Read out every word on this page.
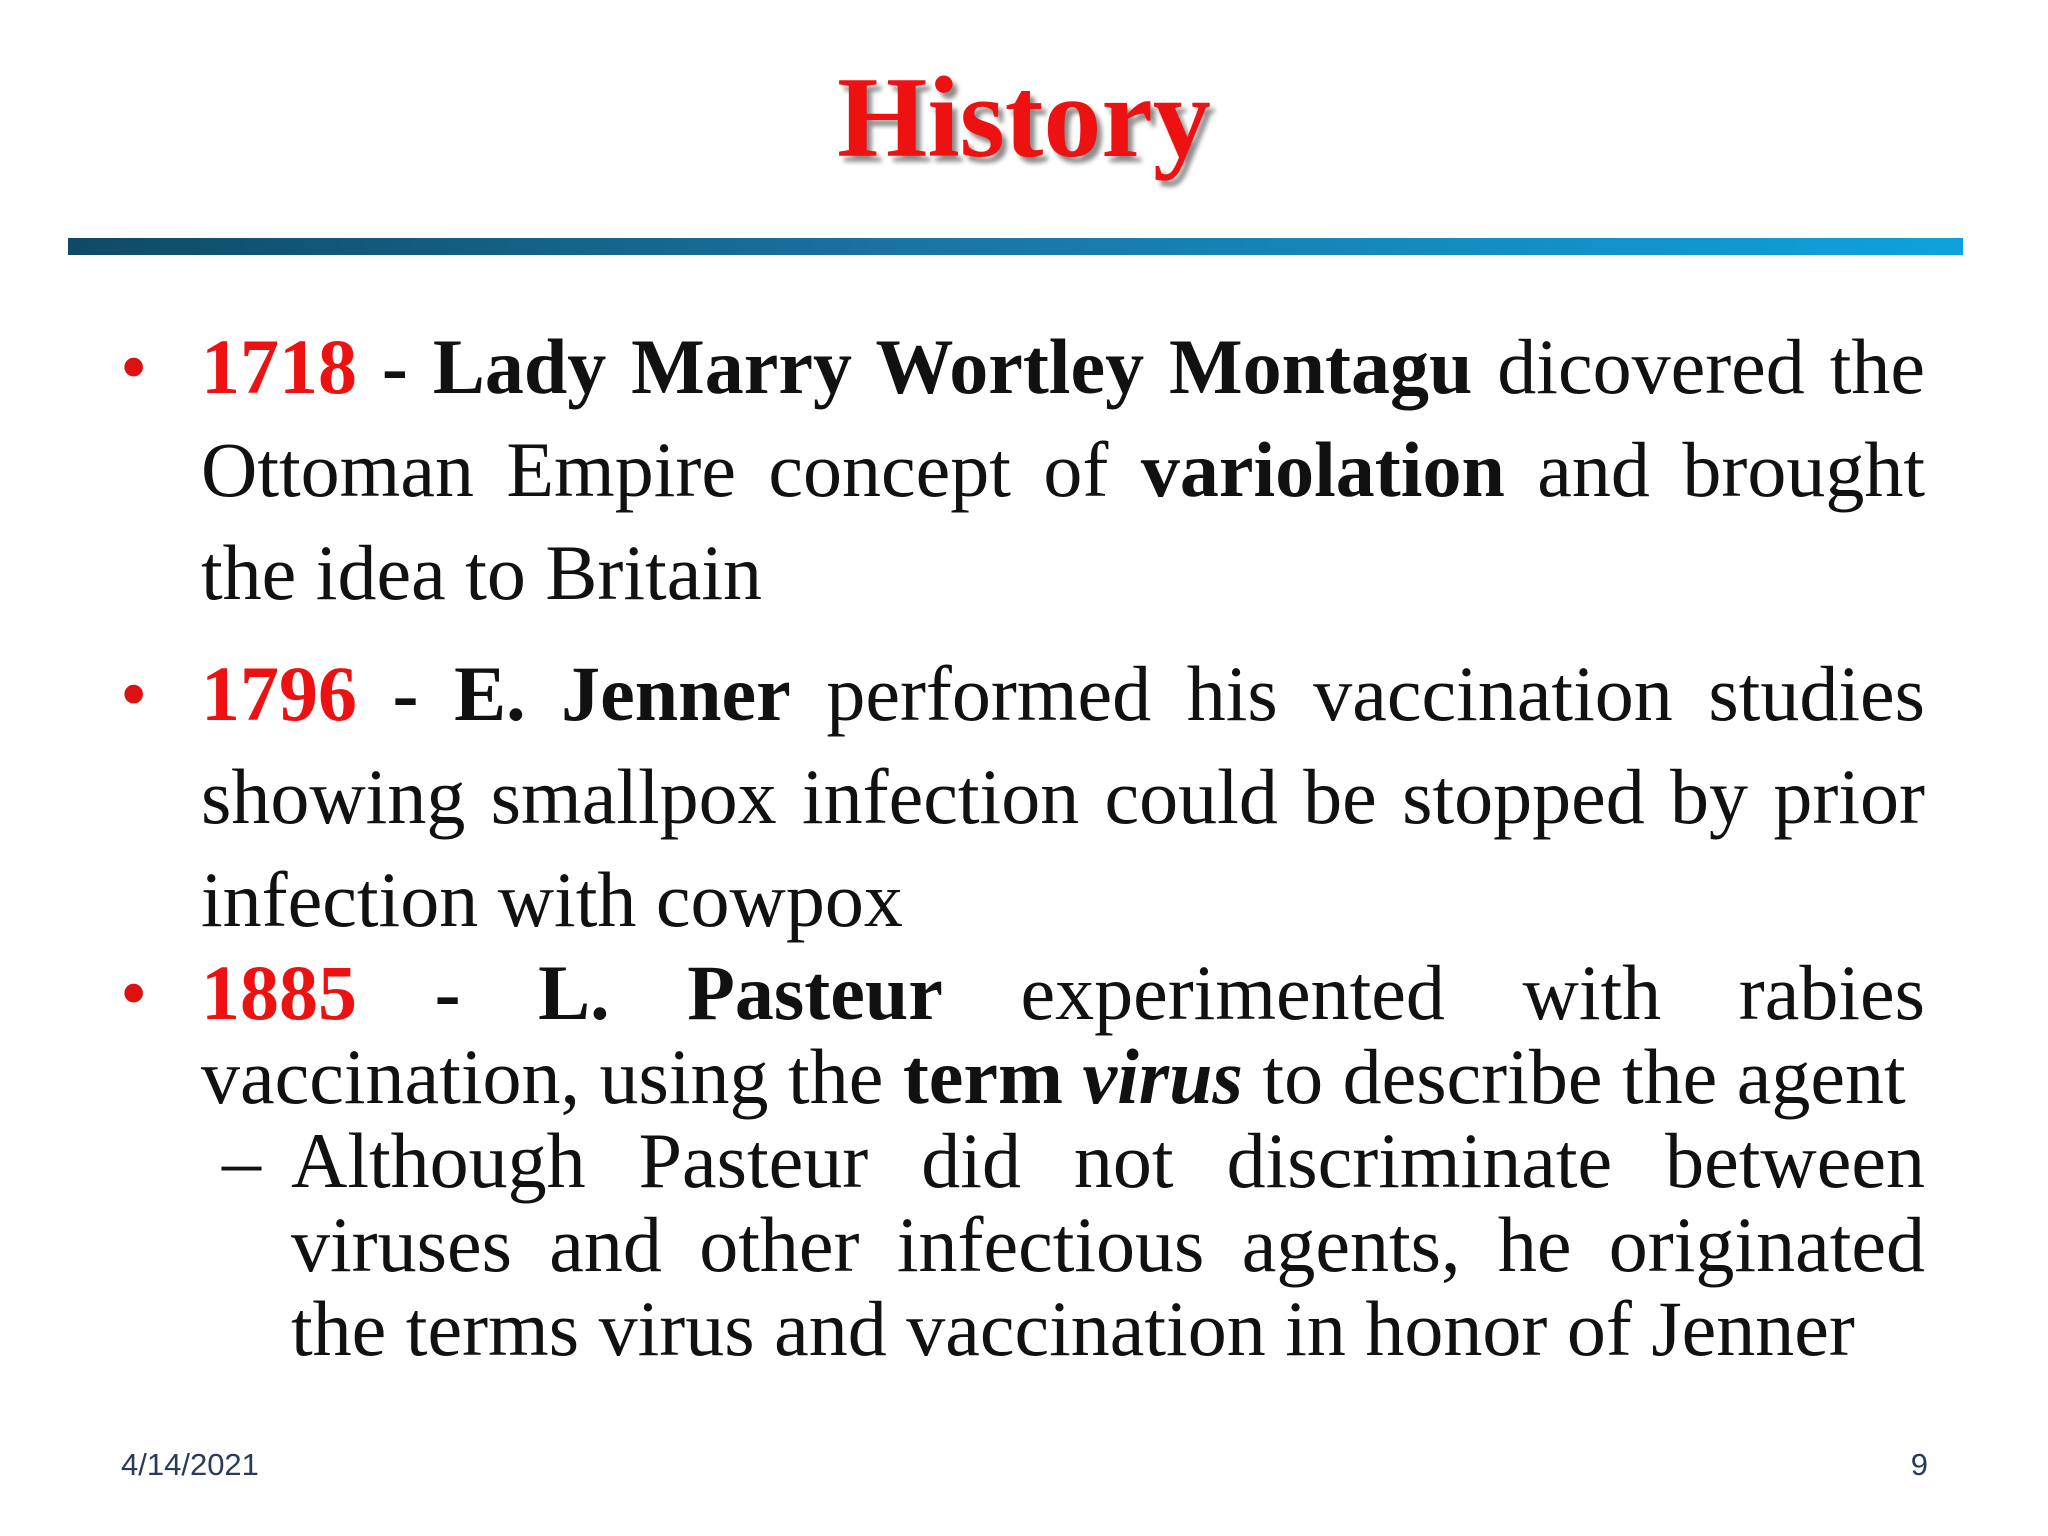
History
• 1718 - Lady Marry Wortley Montagu dicovered the Ottoman Empire concept of variolation and brought the idea to Britain
• 1796 - E. Jenner performed his vaccination studies showing smallpox infection could be stopped by prior infection with cowpox
• 1885 - L. Pasteur experimented with rabies vaccination, using the term virus to describe the agent
– Although Pasteur did not discriminate between viruses and other infectious agents, he originated the terms virus and vaccination in honor of Jenner
4/14/2021	9
